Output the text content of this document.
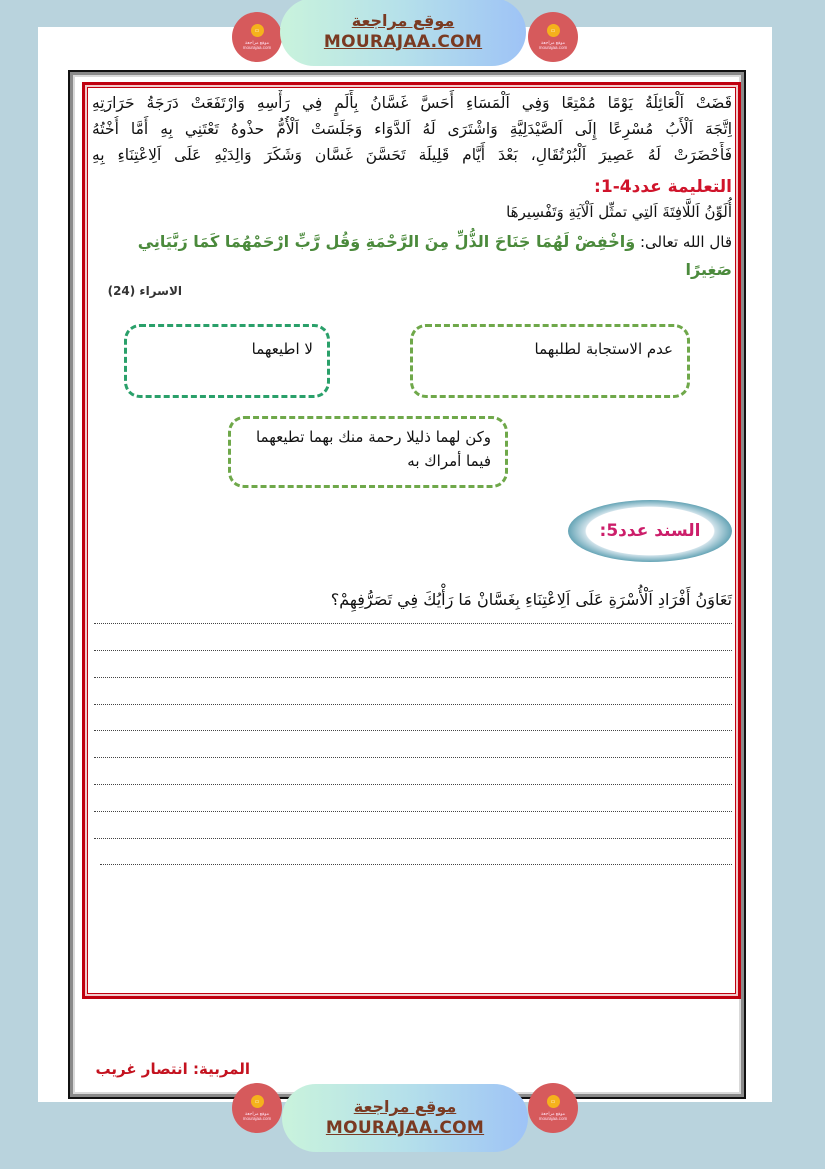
▭
موقع مراجعة mourajaa.com
موقع مراجعة
MOURAJAA.COM
▭
موقع مراجعة mourajaa.com
قَضَتْ اَلْعَائِلَةُ يَوْمًا مُمْتِعًا وَفِي اَلْمَسَاءِ أَحَسَّ غَسَّانُ بِأَلَمٍ فِي رَأْسِهِ وَارْتَفَعَتْ دَرَجَةُ حَرَارَتِهِ
اِتَّجَهَ اَلْأَبُ مُسْرِعًا إِلَى اَلصَّيْدَلِيَّةِ وَاشْتَرَى لَهُ اَلدَّوَاء وَجَلَسَتْ اَلْأُمُّ حذْوهُ تَعْتَنِي بِهِ أَمَّا أُخْتُهُ
فَأَحْضَرَتْ لَهُ عَصِيرَ اَلْبُرْتُقَالِ، بَعْدَ أَيَّام قَلِيلَة تَحَسَّنَ غَسَّان وَشَكَرَ وَالِدَيْهِ عَلَى اَلِاعْتِنَاءِ بِهِ
التعليمة عدد4-1:
أُلَوِّنُ اَللَّافِتَةَ اَلتِي تمثِّل اَلْآيَةِ وَتَفْسِيرهَا
قال الله تعالى: وَاخْفِضْ لَهُمَا جَنَاحَ الذُّلِّ مِنَ الرَّحْمَةِ وَقُل رَّبِّ ارْحَمْهُمَا كَمَا رَبَّيَانِي صَغِيرًا
الاسراء (24)
عدم الاستجابة لطلبهما
لا اطيعهما
وكن لهما ذليلا رحمة منك بهما تطيعهما فيما أمراك به
السند عدد5:
تَعَاوَنُ أَفْرَادِ اَلْأُسْرَةِ عَلَى اَلِاعْتِنَاءِ بِغَسَّانْ مَا رَأْيُكَ فِي تَصَرُّفِهِمْ؟
المربية: انتصار غريب
▭
موقع مراجعة mourajaa.com
موقع مراجعة
MOURAJAA.COM
▭
موقع مراجعة mourajaa.com
